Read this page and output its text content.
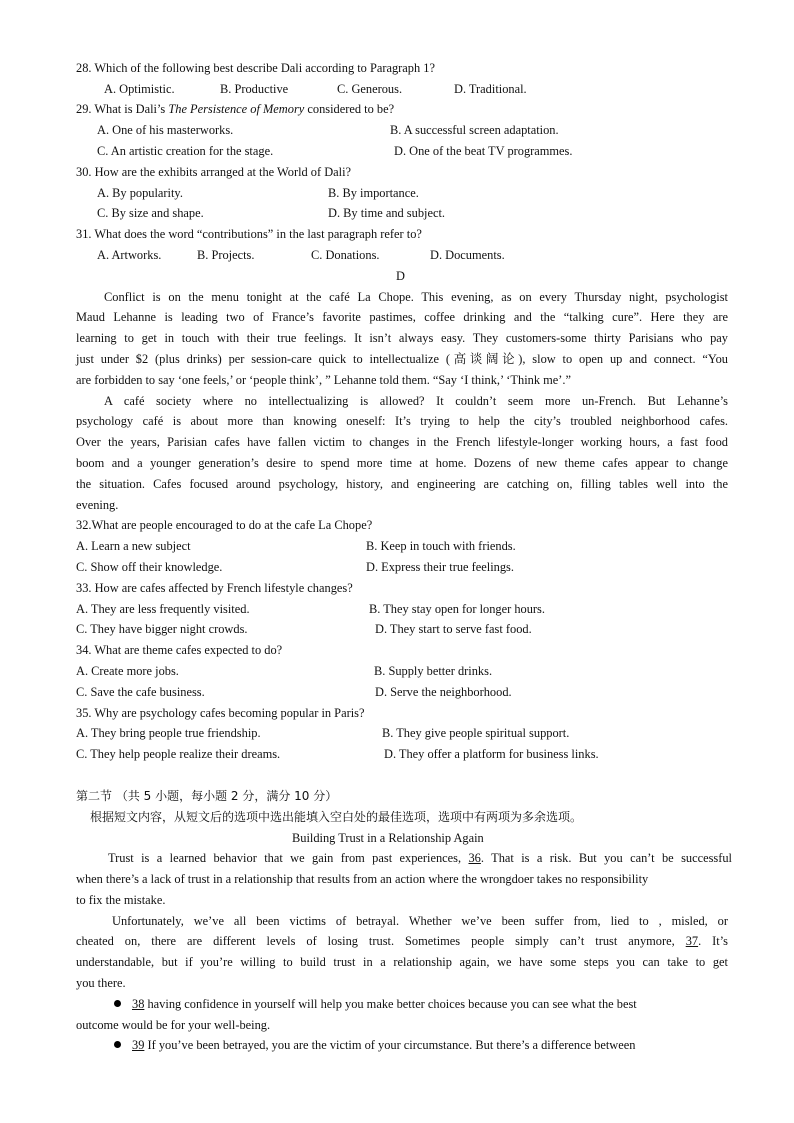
28. Which of the following best describe Dali according to Paragraph 1?
A. Optimistic.	B. Productive	C. Generous.	D. Traditional.
29. What is Dali’s The Persistence of Memory considered to be?
A. One of his masterworks.	B. A successful screen adaptation.
C. An artistic creation for the stage.	D. One of the beat TV programmes.
30. How are the exhibits arranged at the World of Dali?
A. By popularity.	B. By importance.
C. By size and shape.	D. By time and subject.
31. What does the word “contributions” in the last paragraph refer to?
A. Artworks.	B. Projects.	C. Donations.	D. Documents.
D
Conflict is on the menu tonight at the café La Chope. This evening, as on every Thursday night, psychologist
Maud Lehanne is leading two of France’s favorite pastimes, coffee drinking and the “talking cure”. Here they are
learning to get in touch with their true feelings. It isn’t always easy. They customers-some thirty Parisians who pay
just under $2 (plus drinks) per session-care quick to intellectualize (高谈阔论), slow to open up and connect. “You
are forbidden to say ‘one feels,’ or ‘people think’, ” Lehanne told them. “Say ‘I think,’ ‘Think me’.”
A café society where no intellectualizing is allowed? It couldn’t seem more un-French. But Lehanne’s
psychology café is about more than knowing oneself: It’s trying to help the city’s troubled neighborhood cafes.
Over the years, Parisian cafes have fallen victim to changes in the French lifestyle-longer working hours, a fast food
boom and a younger generation’s desire to spend more time at home. Dozens of new theme cafes appear to change
the situation. Cafes focused around psychology, history, and engineering are catching on, filling tables well into the
evening.
32.What are people encouraged to do at the cafe La Chope?
A. Learn a new subject	B. Keep in touch with friends.
C. Show off their knowledge.	D. Express their true feelings.
33. How are cafes affected by French lifestyle changes?
A. They are less frequently visited.	B. They stay open for longer hours.
C. They have bigger night crowds.	D. They start to serve fast food.
34. What are theme cafes expected to do?
A. Create more jobs.	B. Supply better drinks.
C. Save the cafe business.	D. Serve the neighborhood.
35. Why are psychology cafes becoming popular in Paris?
A. They bring people true friendship.	B. They give people spiritual support.
C. They help people realize their dreams.	D. They offer a platform for business links.
第二节 （共 5 小题，每小题 2 分，满分 10 分）
根据短文内容，从短文后的选项中选出能填入空白处的最佳选项，选项中有两项为多余选项。
Building Trust in a Relationship Again
Trust is a learned behavior that we gain from past experiences, 36. That is a risk. But you can’t be successful
when there’s a lack of trust in a relationship that results from an action where the wrongdoer takes no responsibility
to fix the mistake.
Unfortunately, we’ve all been victims of betrayal. Whether we’ve been suffer from, lied to , misled, or
cheated on, there are different levels of losing trust. Sometimes people simply can’t trust anymore, 37. It’s
understandable, but if you’re willing to build trust in a relationship again, we have some steps you can take to get
you there.
38 having confidence in yourself will help you make better choices because you can see what the best
outcome would be for your well-being.
39 If you’ve been betrayed, you are the victim of your circumstance. But there’s a difference between
